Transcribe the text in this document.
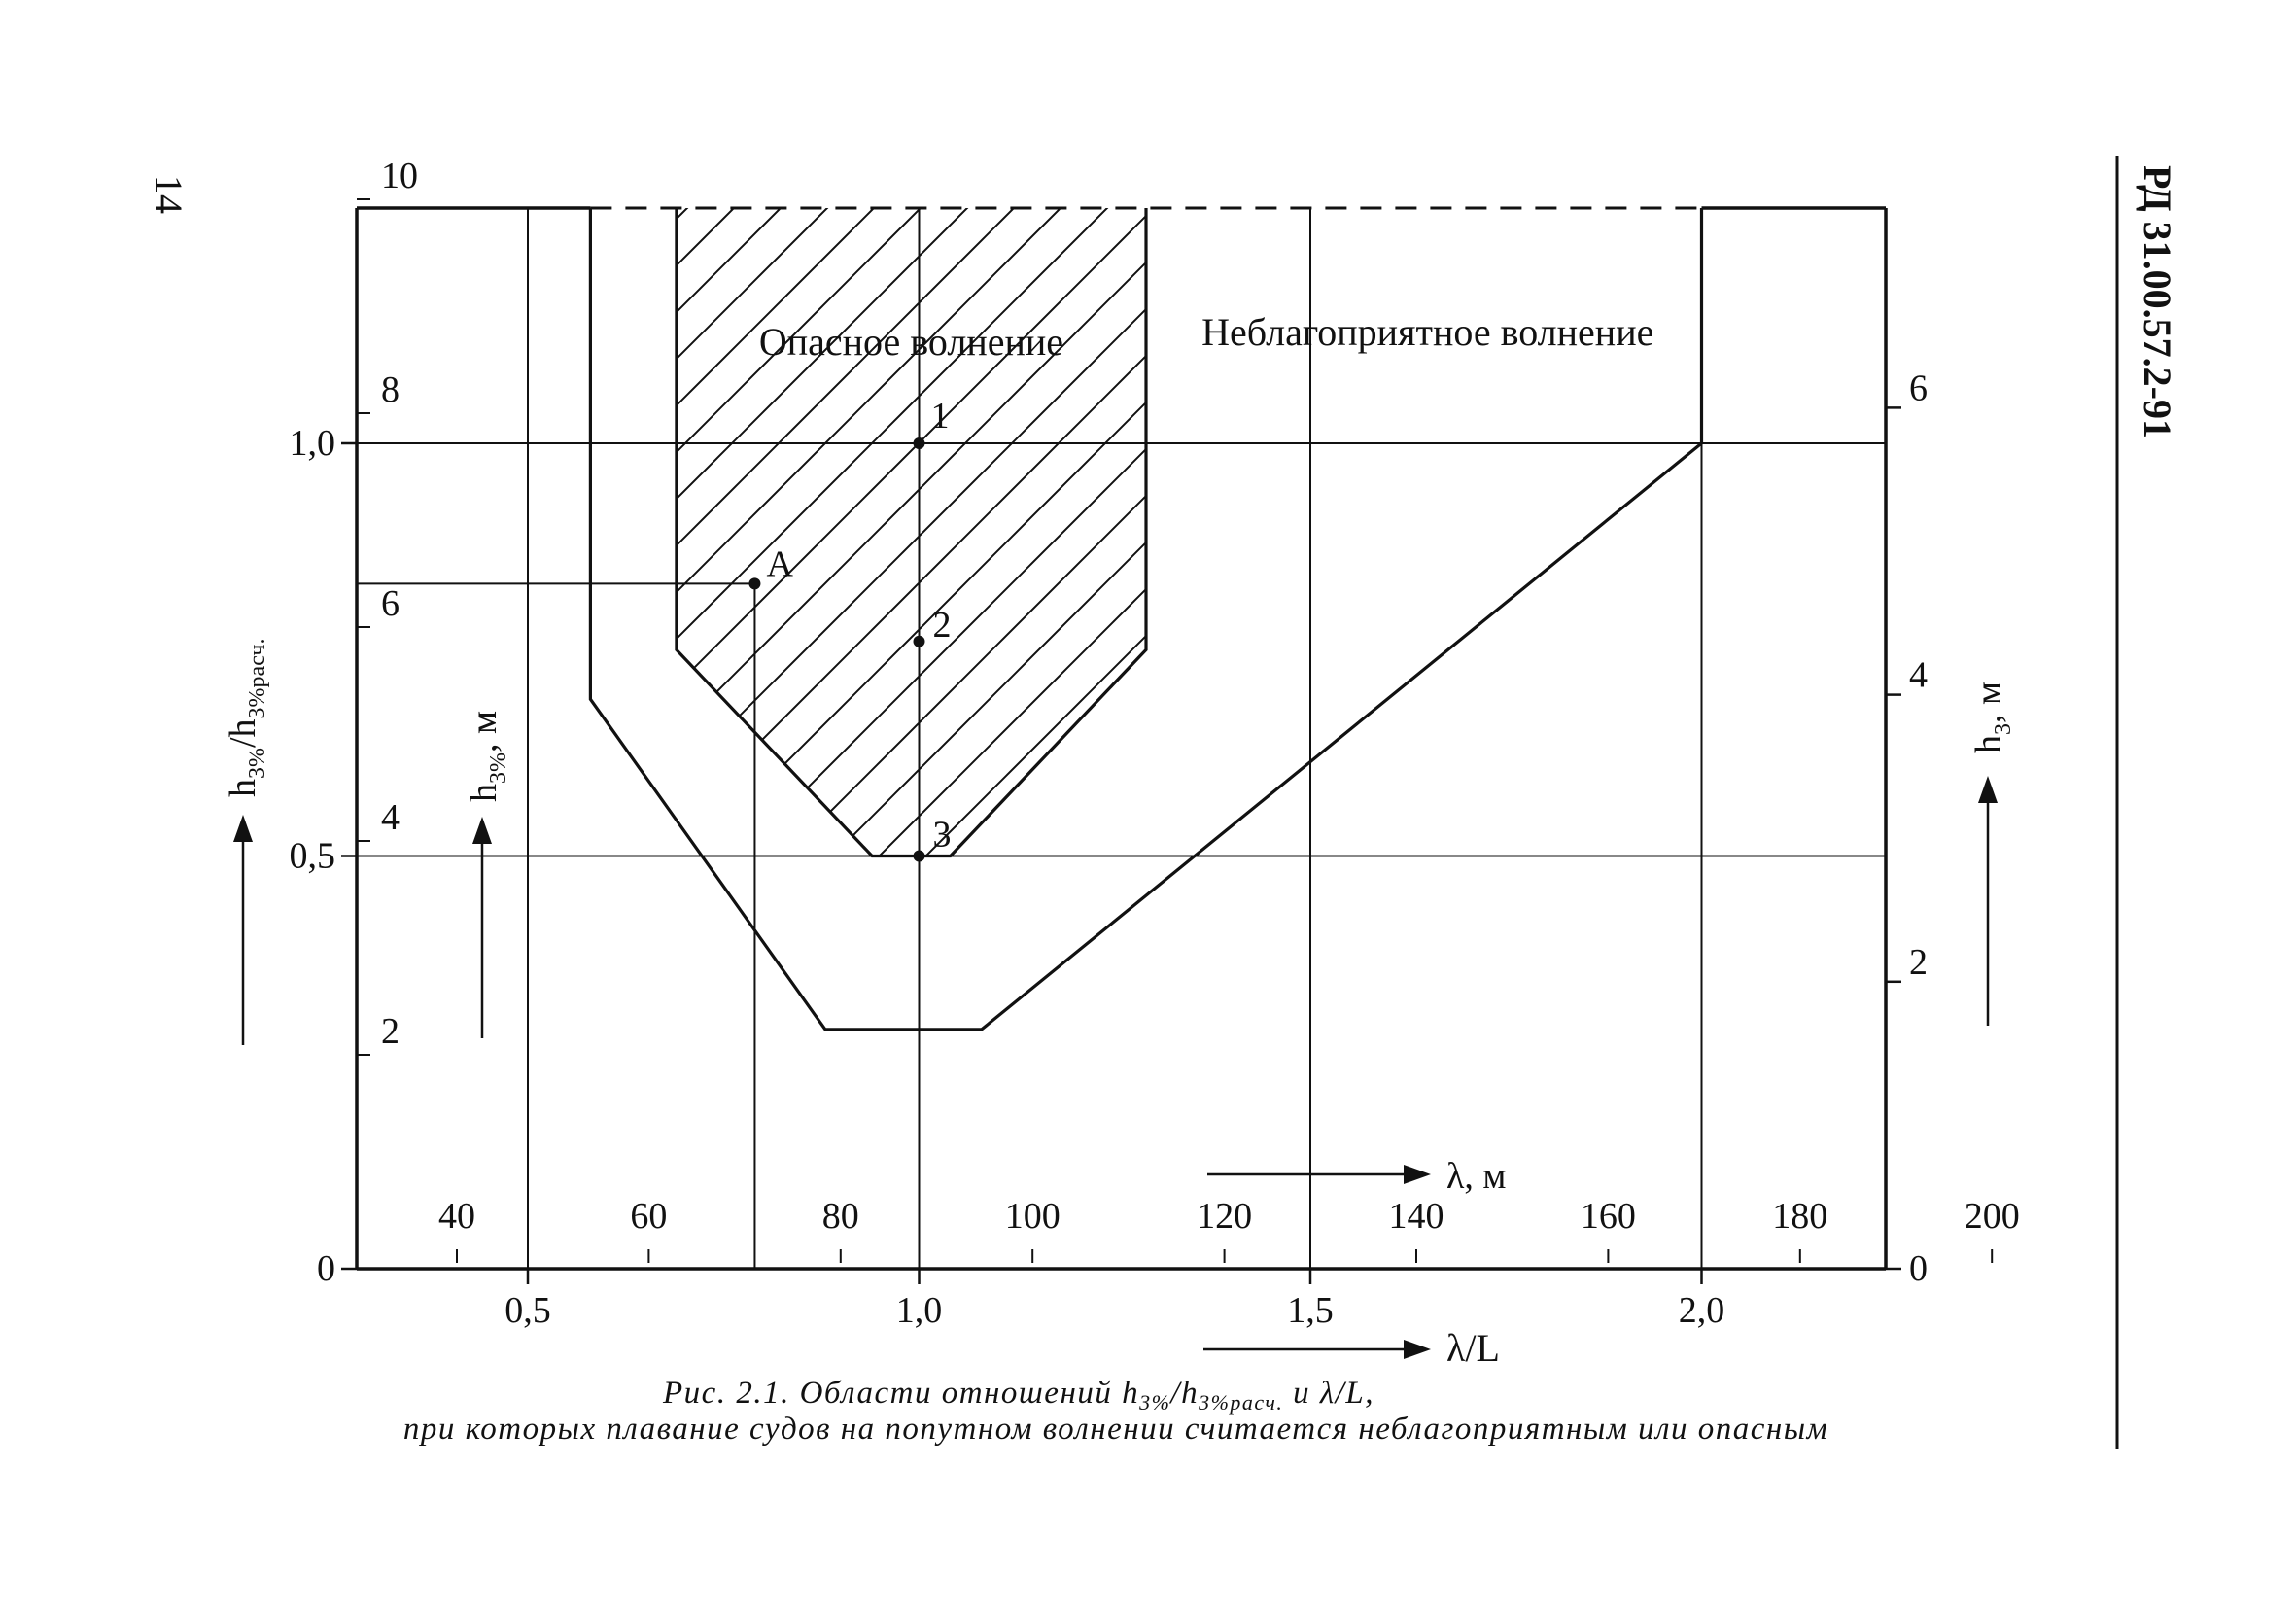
14	РД 31.00.57.2-91
0,5	1,0	1,5	2,0
40	60	80	100	120	140	160	180	200
0
0,5
1,0
2
4
6
8
10
0
2
4
6
Опасное волнение	Неблагоприятное волнение
1
2
3
A
λ/L
λ, м
$h_{3\%}/h_{3\%расч.}$
$h_{3\%}$, м	$h_3$, м
Рис. 2.1. Области отношений $h_{3\%}/h_{3\%расч.}$ и λ/L,
при которых плавание судов на попутном волнении считается неблагоприятным или опасным
